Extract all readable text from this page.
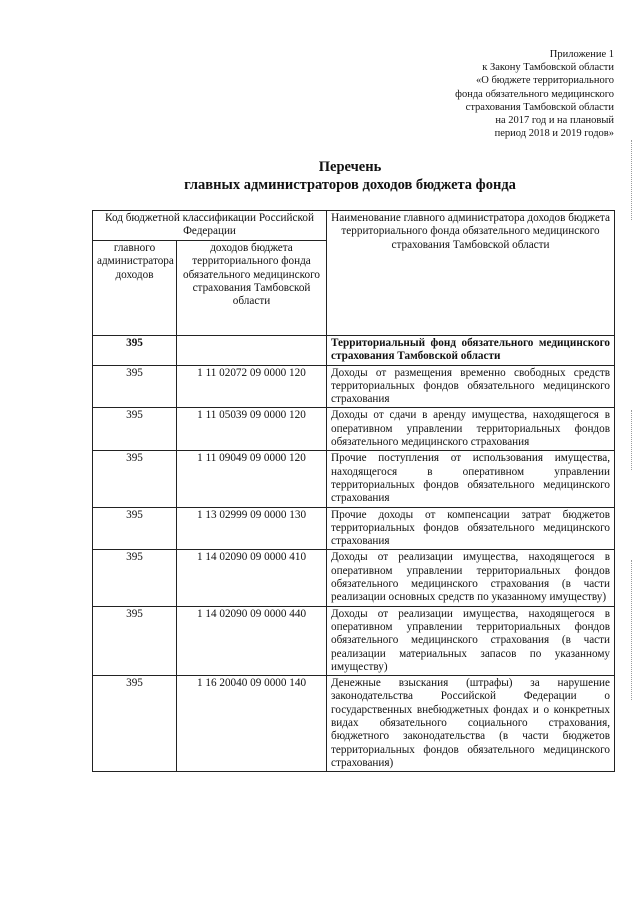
Приложение 1
к Закону Тамбовской области
«О бюджете территориального
фонда обязательного медицинского
страхования Тамбовской области
на 2017 год и на плановый
период 2018 и 2019 годов»
Перечень
главных администраторов доходов бюджета фонда
Код бюджетной классификации Российской Федерации		Наименование главного администратора доходов бюджета территориального фонда обязательного медицинского страхования Тамбовской области
главного администратора доходов	доходов бюджета территориального фонда обязательного медицинского страхования Тамбовской области	
395		Территориальный фонд обязательного медицинского страхования Тамбовской области
395	1 11 02072 09 0000 120	Доходы от размещения временно свободных средств территориальных фондов обязательного медицинского страхования
395	1 11 05039 09 0000 120	Доходы от сдачи в аренду имущества, находящегося в оперативном управлении территориальных фондов обязательного медицинского страхования
395	1 11 09049 09 0000 120	Прочие поступления от использования имущества, находящегося в оперативном управлении территориальных фондов обязательного медицинского страхования
395	1 13 02999 09 0000 130	Прочие доходы от компенсации затрат бюджетов территориальных фондов обязательного медицинского страхования
395	1 14 02090 09 0000 410	Доходы от реализации имущества, находящегося в оперативном управлении территориальных фондов обязательного медицинского страхования (в части реализации основных средств по указанному имуществу)
395	1 14 02090 09 0000 440	Доходы от реализации имущества, находящегося в оперативном управлении территориальных фондов обязательного медицинского страхования (в части реализации материальных запасов по указанному имуществу)
395	1 16 20040 09 0000 140	Денежные взыскания (штрафы) за нарушение законодательства Российской Федерации о государственных внебюджетных фондах и о конкретных видах обязательного социального страхования, бюджетного законодательства (в части бюджетов территориальных фондов обязательного медицинского страхования)
